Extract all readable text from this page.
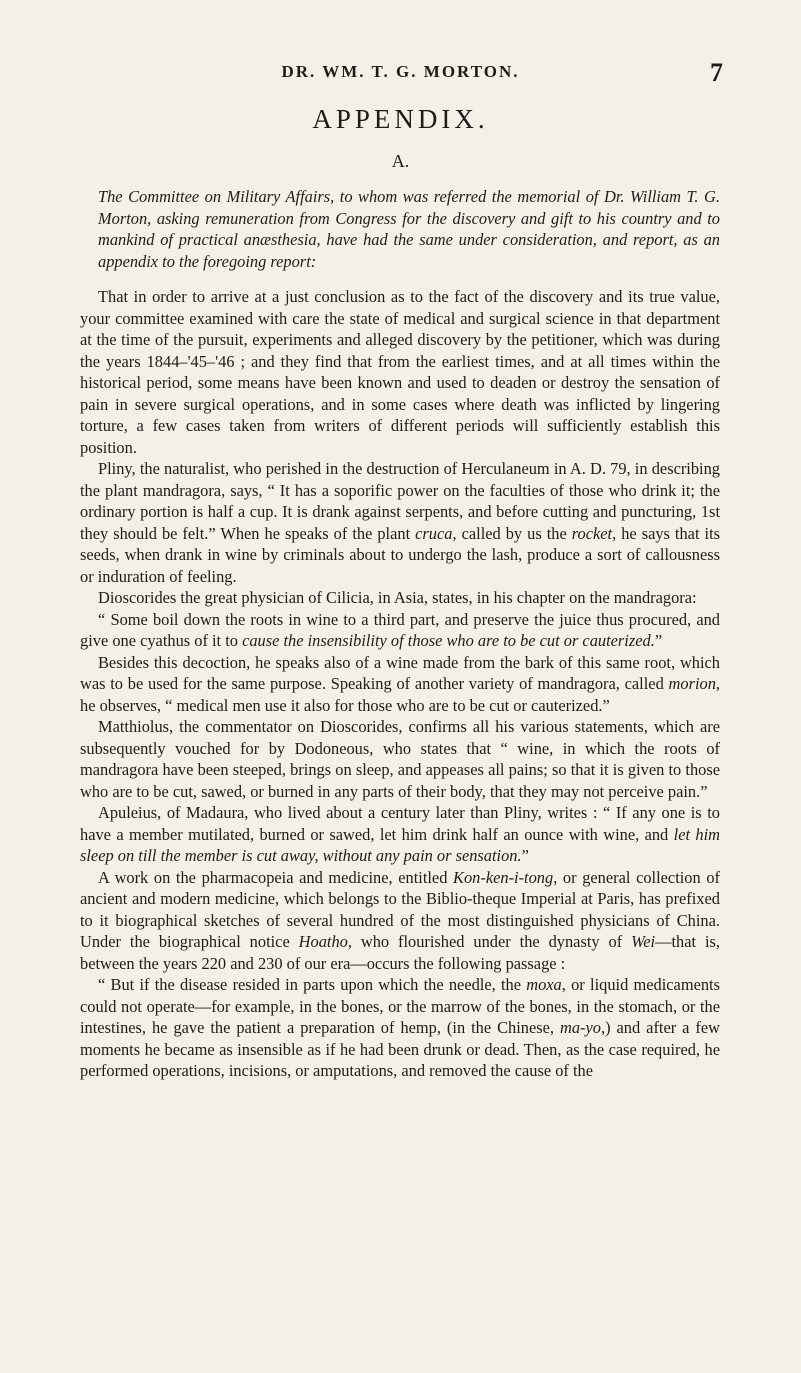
DR. WM. T. G. MORTON.	7
APPENDIX.
A.

The Committee on Military Affairs, to whom was referred the memorial of Dr. William T. G. Morton, asking remuneration from Congress for the discovery and gift to his country and to mankind of practical anæsthesia, have had the same under consideration, and report, as an appendix to the foregoing report:

That in order to arrive at a just conclusion as to the fact of the discovery and its true value, your committee examined with care the state of medical and surgical science in that department at the time of the pursuit, experiments and alleged discovery by the petitioner, which was during the years 1844–'45–'46 ; and they find that from the earliest times, and at all times within the historical period, some means have been known and used to deaden or destroy the sensation of pain in severe surgical operations, and in some cases where death was inflicted by lingering torture, a few cases taken from writers of different periods will sufficiently establish this position.

Pliny, the naturalist, who perished in the destruction of Herculaneum in A. D. 79, in describing the plant mandragora, says, “ It has a soporific power on the faculties of those who drink it; the ordinary portion is half a cup. It is drank against serpents, and before cutting and puncturing, 1st they should be felt.” When he speaks of the plant cruca, called by us the rocket, he says that its seeds, when drank in wine by criminals about to undergo the lash, produce a sort of callousness or induration of feeling.

Dioscorides the great physician of Cilicia, in Asia, states, in his chapter on the mandragora:

“ Some boil down the roots in wine to a third part, and preserve the juice thus procured, and give one cyathus of it to cause the insensibility of those who are to be cut or cauterized.”

Besides this decoction, he speaks also of a wine made from the bark of this same root, which was to be used for the same purpose. Speaking of another variety of mandragora, called morion, he observes, “ medical men use it also for those who are to be cut or cauterized.”

Matthiolus, the commentator on Dioscorides, confirms all his various statements, which are subsequently vouched for by Dodoneous, who states that “ wine, in which the roots of mandragora have been steeped, brings on sleep, and appeases all pains; so that it is given to those who are to be cut, sawed, or burned in any parts of their body, that they may not perceive pain.”

Apuleius, of Madaura, who lived about a century later than Pliny, writes : “ If any one is to have a member mutilated, burned or sawed, let him drink half an ounce with wine, and let him sleep on till the member is cut away, without any pain or sensation.”

A work on the pharmacopeia and medicine, entitled Kon-ken-i-tong, or general collection of ancient and modern medicine, which belongs to the Biblio-theque Imperial at Paris, has prefixed to it biographical sketches of several hundred of the most distinguished physicians of China. Under the biographical notice Hoatho, who flourished under the dynasty of Wei—that is, between the years 220 and 230 of our era—occurs the following passage :

“ But if the disease resided in parts upon which the needle, the moxa, or liquid medicaments could not operate—for example, in the bones, or the marrow of the bones, in the stomach, or the intestines, he gave the patient a preparation of hemp, (in the Chinese, ma-yo,) and after a few moments he became as insensible as if he had been drunk or dead. Then, as the case required, he performed operations, incisions, or amputations, and removed the cause of the
